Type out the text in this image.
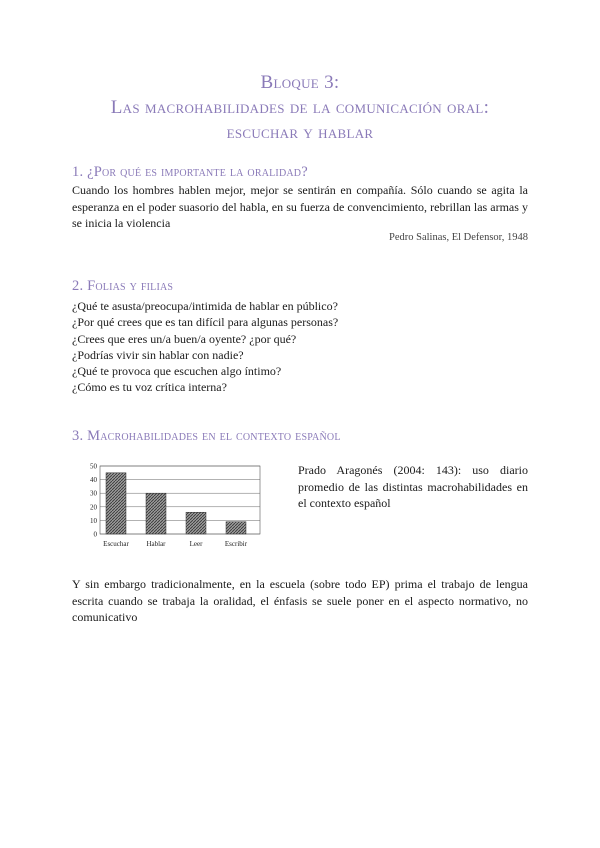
Bloque 3:
Las macrohabilidades de la comunicación oral:
escuchar y hablar
1. ¿Por qué es importante la oralidad?
Cuando los hombres hablen mejor, mejor se sentirán en compañía. Sólo cuando se agita la esperanza en el poder suasorio del habla, en su fuerza de convencimiento, rebrillan las armas y se inicia la violencia
Pedro Salinas, El Defensor, 1948
2. Folias y filias
¿Qué te asusta/preocupa/intimida de hablar en público?
¿Por qué crees que es tan difícil para algunas personas?
¿Crees que eres un/a buen/a oyente? ¿por qué?
¿Podrías vivir sin hablar con nadie?
¿Qué te provoca que escuchen algo íntimo?
¿Cómo es tu voz crítica interna?
3. Macrohabilidades en el contexto español
0
10
20
30
40
50
Escuchar	Hablar	Leer	Escribir
Prado Aragonés (2004: 143): uso diario promedio de las distintas macrohabilidades en el contexto español
Y sin embargo tradicionalmente, en la escuela (sobre todo EP) prima el trabajo de lengua escrita cuando se trabaja la oralidad, el énfasis se suele poner en el aspecto normativo, no comunicativo
